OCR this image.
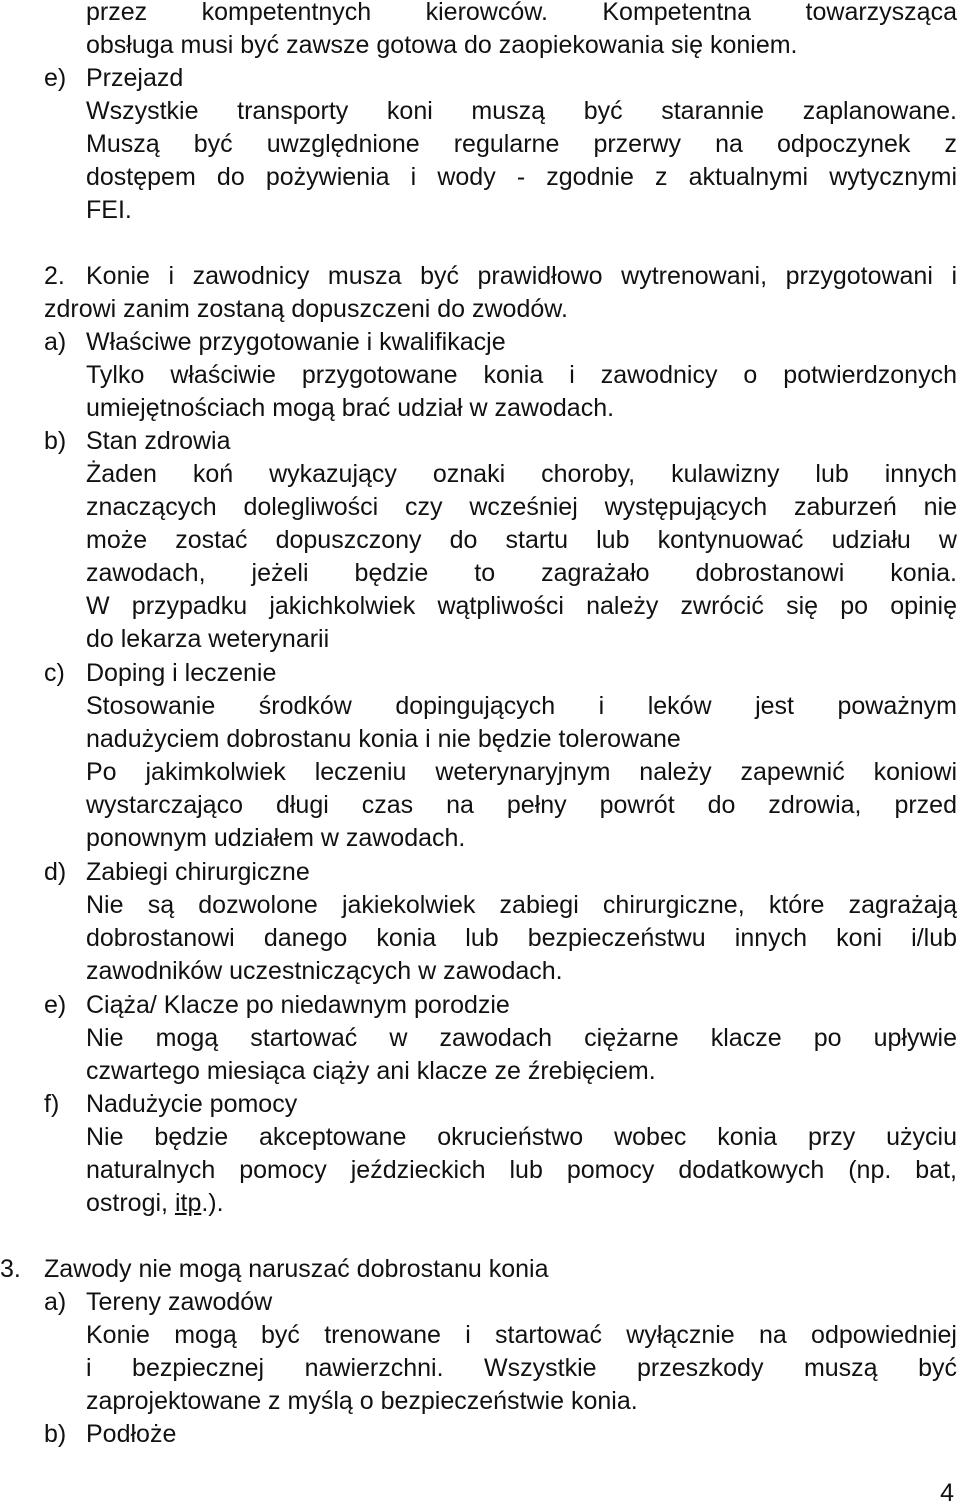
przez kompetentnych kierowców. Kompetentna towarzysząca

obsługa musi być zawsze gotowa do zaopiekowania się koniem.

e) Przejazd

Wszystkie transporty koni muszą być starannie zaplanowane.

Muszą być uwzględnione regularne przerwy na odpoczynek z

dostępem do pożywienia i wody - zgodnie z aktualnymi wytycznymi

FEI.

2. Konie i zawodnicy musza być prawidłowo wytrenowani, przygotowani i

zdrowi zanim zostaną dopuszczeni do zwodów.

a) Właściwe przygotowanie i kwalifikacje

Tylko właściwie przygotowane konia i zawodnicy o potwierdzonych

umiejętnościach mogą brać udział w zawodach.

b) Stan zdrowia

Żaden koń wykazujący oznaki choroby, kulawizny lub innych

znaczących dolegliwości czy wcześniej występujących zaburzeń nie

może zostać dopuszczony do startu lub kontynuować udziału w

zawodach, jeżeli będzie to zagrażało dobrostanowi konia.

W przypadku jakichkolwiek wątpliwości należy zwrócić się po opinię

do lekarza weterynarii

c) Doping i leczenie

Stosowanie środków dopingujących i leków jest poważnym

nadużyciem dobrostanu konia i nie będzie tolerowane

Po jakimkolwiek leczeniu weterynaryjnym należy zapewnić koniowi

wystarczająco długi czas na pełny powrót do zdrowia, przed

ponownym udziałem w zawodach.

d) Zabiegi chirurgiczne

Nie są dozwolone jakiekolwiek zabiegi chirurgiczne, które zagrażają

dobrostanowi danego konia lub bezpieczeństwu innych koni i/lub

zawodników uczestniczących w zawodach.

e) Ciąża/ Klacze po niedawnym porodzie

Nie mogą startować w zawodach ciężarne klacze po upływie

czwartego miesiąca ciąży ani klacze ze źrebięciem.

f) Nadużycie pomocy

Nie będzie akceptowane okrucieństwo wobec konia przy użyciu

naturalnych pomocy jeździeckich lub pomocy dodatkowych (np. bat,

ostrogi, itp.).

3. Zawody nie mogą naruszać dobrostanu konia

a) Tereny zawodów

Konie mogą być trenowane i startować wyłącznie na odpowiedniej

i bezpiecznej nawierzchni. Wszystkie przeszkody muszą być

zaprojektowane z myślą o bezpieczeństwie konia.

b) Podłoże

4
